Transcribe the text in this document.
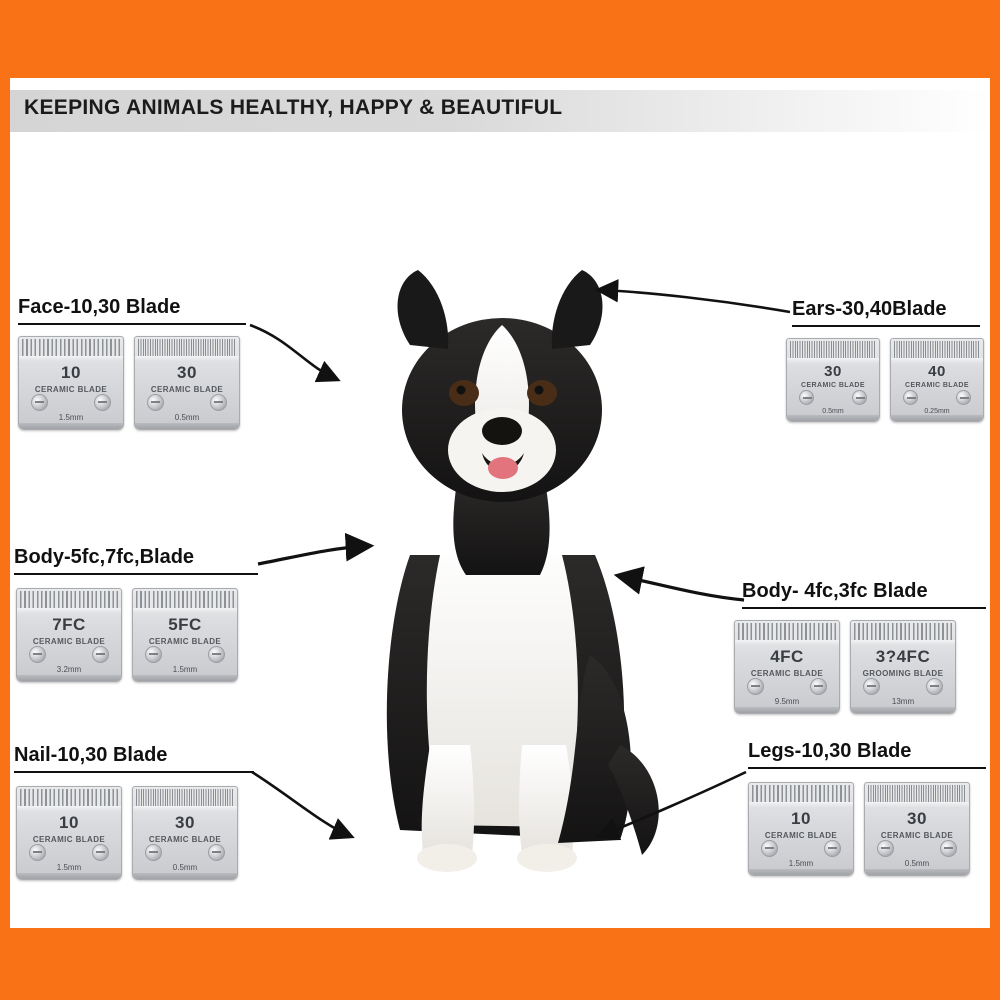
KEEPING ANIMALS HEALTHY, HAPPY & BEAUTIFUL
Face-10,30 Blade
10
CERAMIC BLADE
1.5mm
30
CERAMIC BLADE
0.5mm
Ears-30,40Blade
30
CERAMIC BLADE
0.5mm
40
CERAMIC BLADE
0.25mm
Body-5fc,7fc,Blade
7FC
CERAMIC BLADE
3.2mm
5FC
CERAMIC BLADE
1.5mm
Body- 4fc,3fc Blade
4FC
CERAMIC BLADE
9.5mm
3?4FC
GROOMING BLADE
13mm
Nail-10,30 Blade
10
CERAMIC BLADE
1.5mm
30
CERAMIC BLADE
0.5mm
Legs-10,30 Blade
10
CERAMIC BLADE
1.5mm
30
CERAMIC BLADE
0.5mm
